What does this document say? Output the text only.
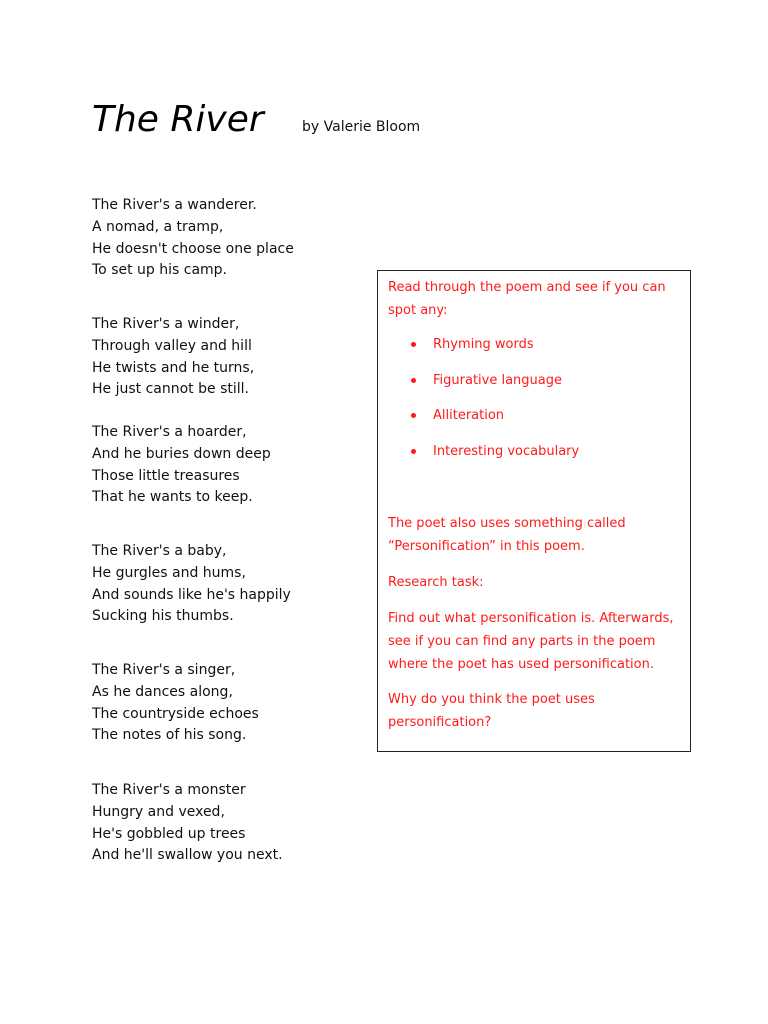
The River	by Valerie Bloom
The River's a wanderer.
A nomad, a tramp,
He doesn't choose one place
To set up his camp.
The River's a winder,
Through valley and hill
He twists and he turns,
He just cannot be still.
The River's a hoarder,
And he buries down deep
Those little treasures
That he wants to keep.
The River's a baby,
He gurgles and hums,
And sounds like he's happily
Sucking his thumbs.
The River's a singer,
As he dances along,
The countryside echoes
The notes of his song.
The River's a monster
Hungry and vexed,
He's gobbled up trees
And he'll swallow you next.

Read through the poem and see if you can spot any:

Rhyming words
Figurative language
Alliteration
Interesting vocabulary

The poet also uses something called “Personification” in this poem.

Research task:

Find out what personification is. Afterwards, see if you can find any parts in the poem where the poet has used personification.

Why do you think the poet uses personification?
